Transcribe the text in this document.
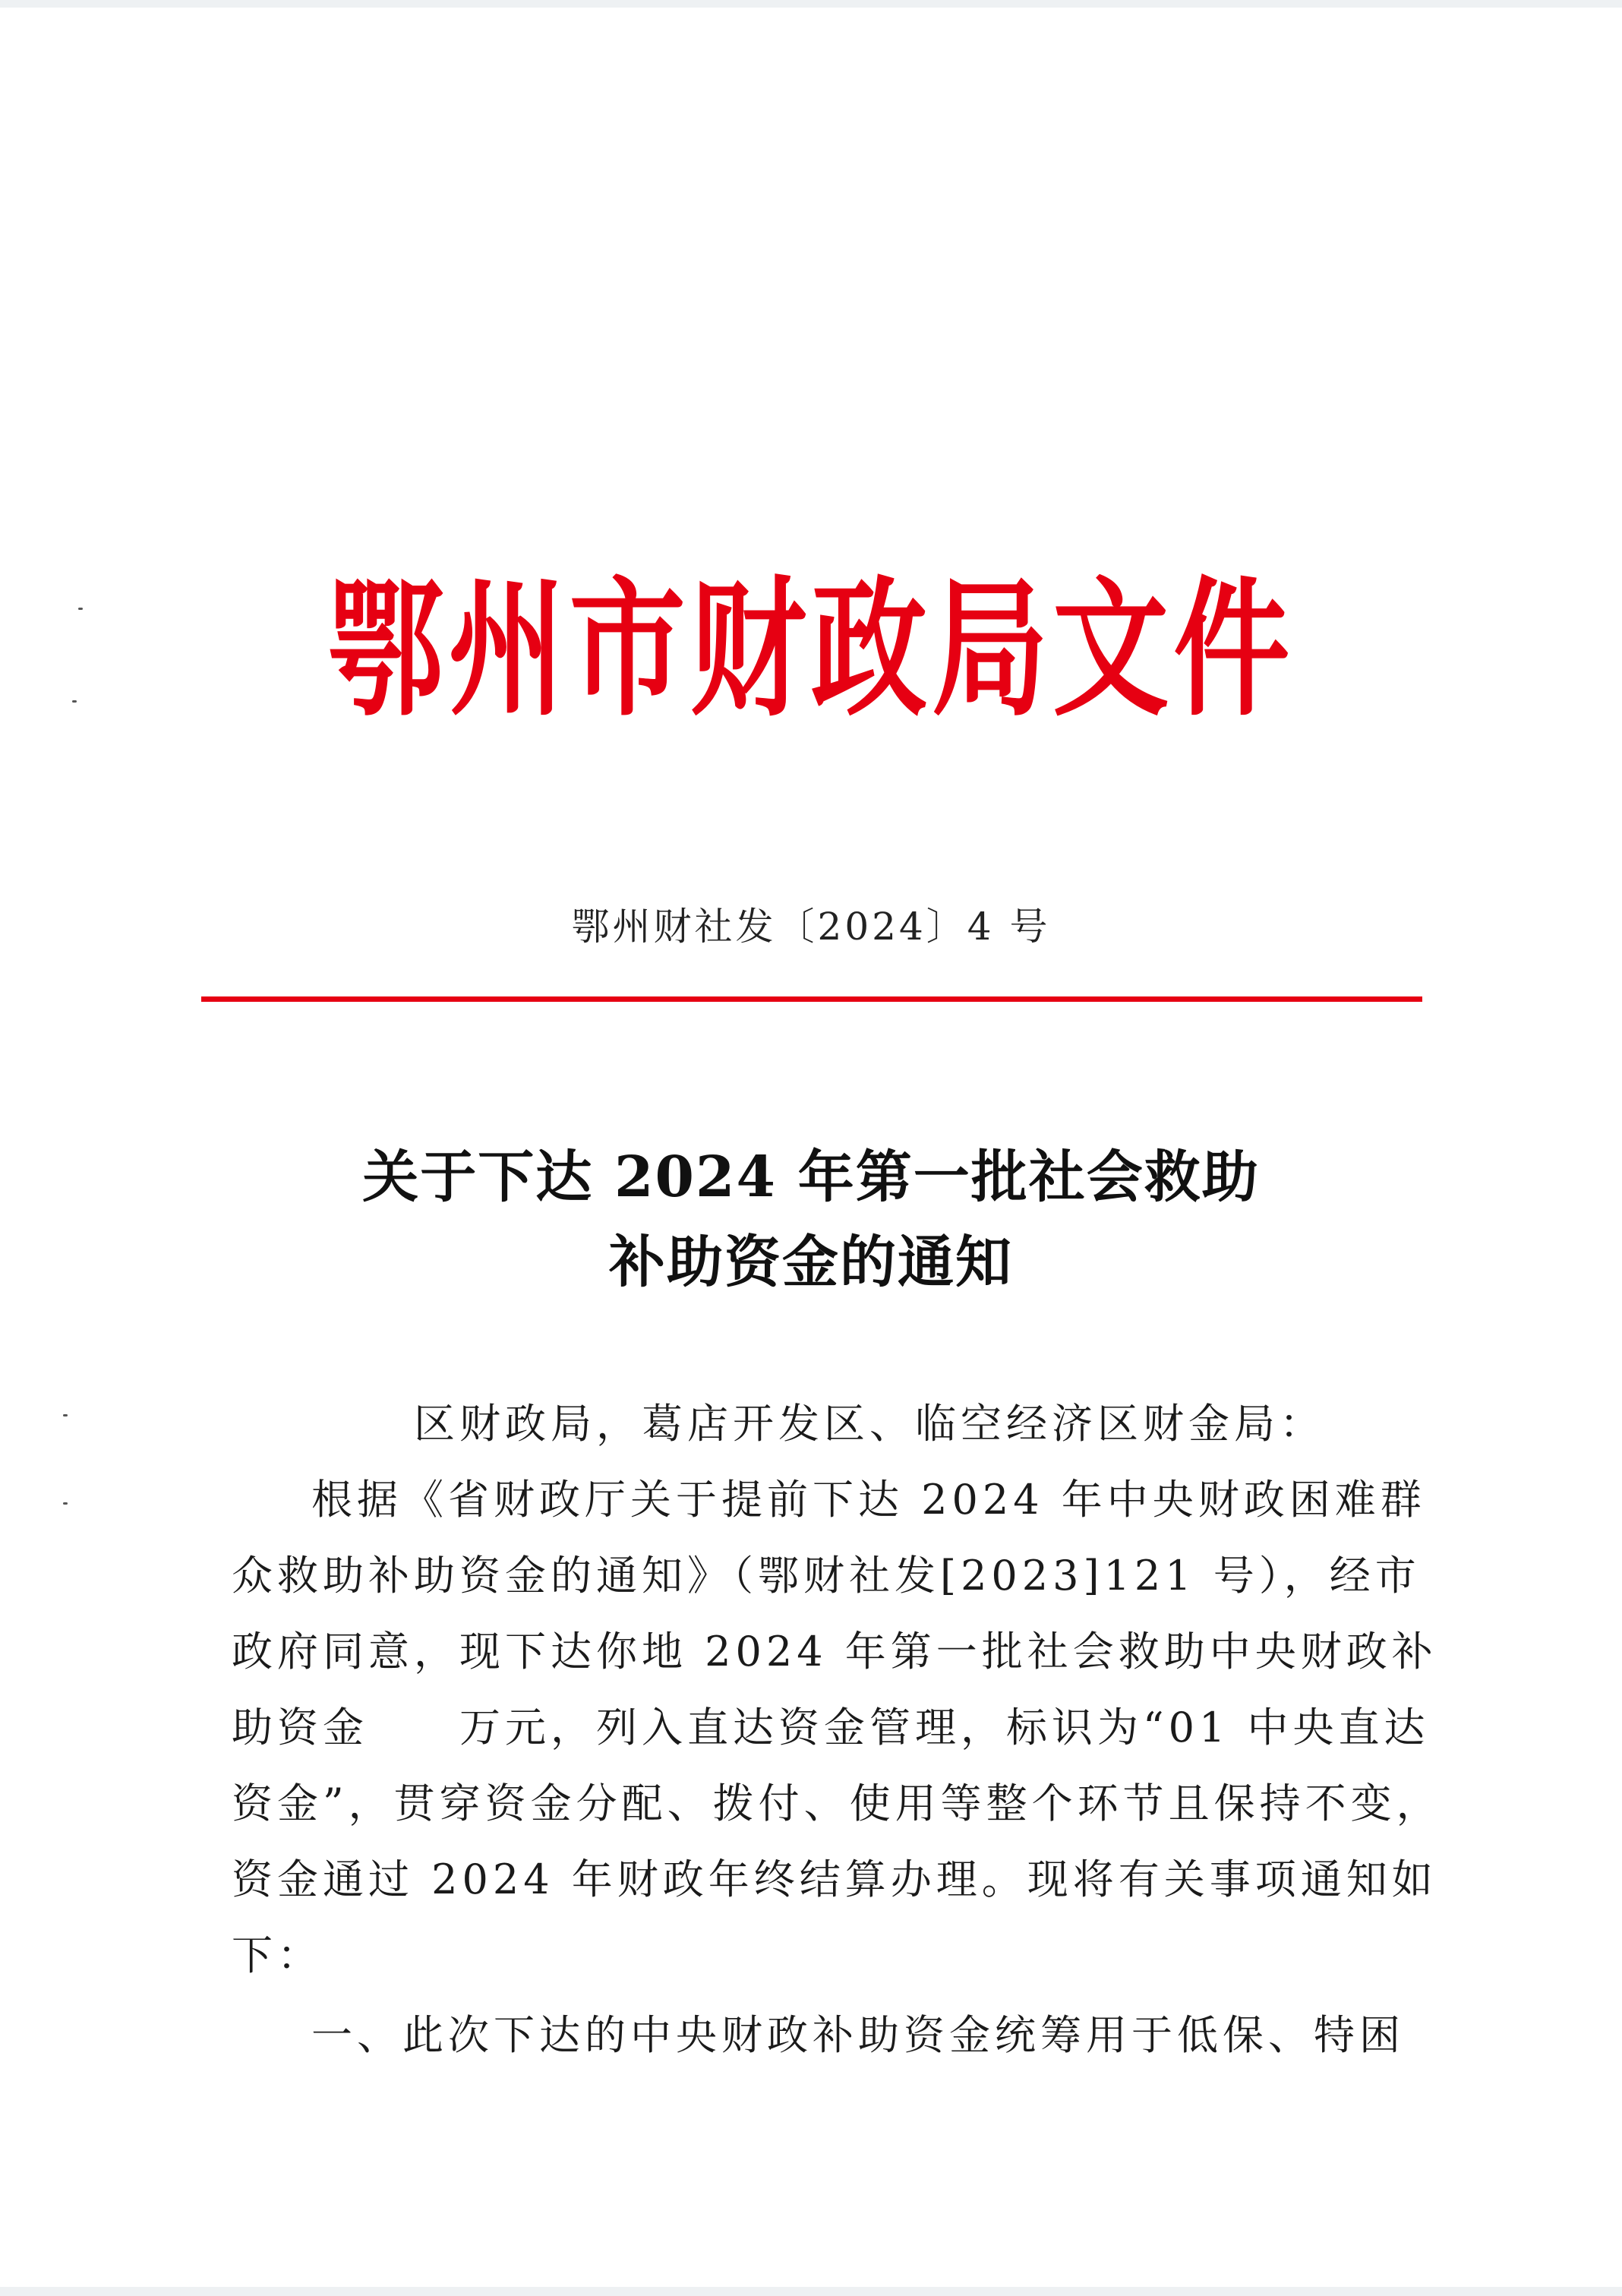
鄂州市财政局文件
鄂州财社发〔2024〕4 号
关于下达 2024 年第一批社会救助
补助资金的通知
区财政局，葛店开发区、临空经济区财金局：
根据《省财政厅关于提前下达 2024 年中央财政困难群
众救助补助资金的通知》（鄂财社发[2023]121 号），经市
政府同意，现下达你地 2024 年第一批社会救助中央财政补
助资金　　万元，列入直达资金管理，标识为“01 中央直达
资金”，贯穿资金分配、拨付、使用等整个环节且保持不变，
资金通过 2024 年财政年终结算办理。现将有关事项通知如
下：
一、此次下达的中央财政补助资金统筹用于低保、特困
